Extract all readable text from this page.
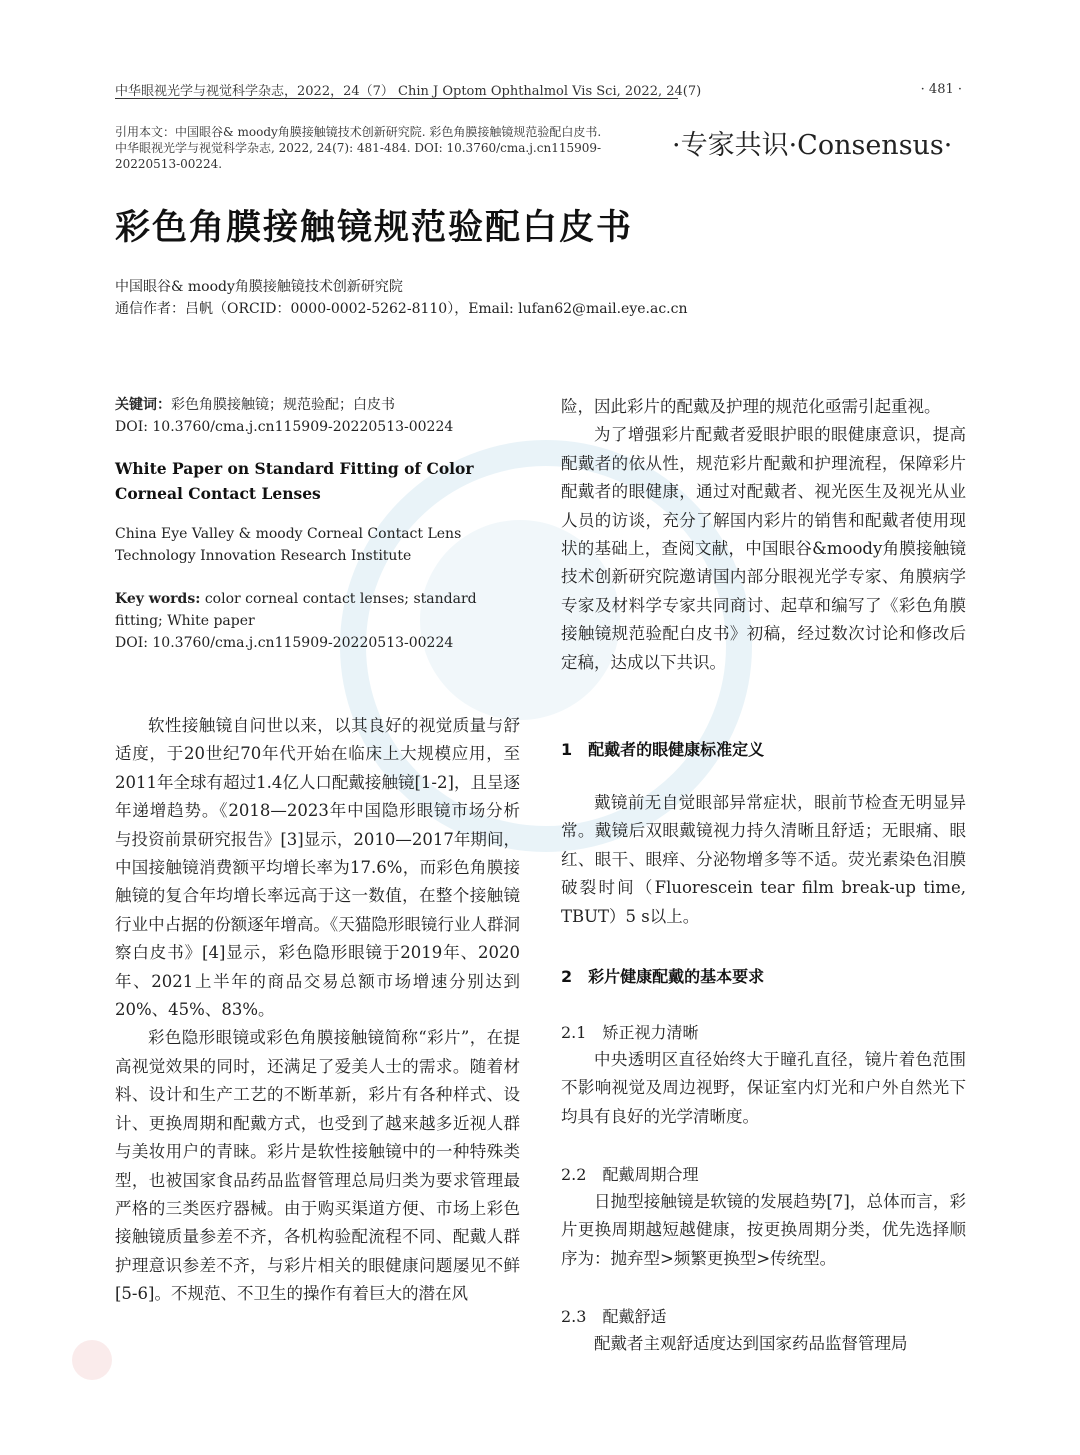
中华眼视光学与视觉科学杂志，2022，24（7） Chin J Optom Ophthalmol Vis Sci, 2022, 24(7)	· 481 ·
引用本文：中国眼谷& moody角膜接触镜技术创新研究院. 彩色角膜接触镜规范验配白皮书. 中华眼视光学与视觉科学杂志, 2022, 24(7): 481-484. DOI: 10.3760/cma.j.cn115909-20220513-00224.
·专家共识·Consensus·
彩色角膜接触镜规范验配白皮书
中国眼谷& moody角膜接触镜技术创新研究院
通信作者：吕帆（ORCID：0000-0002-5262-8110），Email: lufan62@mail.eye.ac.cn
关键词：彩色角膜接触镜；规范验配；白皮书
DOI: 10.3760/cma.j.cn115909-20220513-00224
White Paper on Standard Fitting of Color Corneal Contact Lenses
China Eye Valley & moody Corneal Contact Lens Technology Innovation Research Institute
Key words: color corneal contact lenses; standard fitting; White paper
DOI: 10.3760/cma.j.cn115909-20220513-00224

软性接触镜自问世以来，以其良好的视觉质量与舒适度，于20世纪70年代开始在临床上大规模应用，至2011年全球有超过1.4亿人口配戴接触镜[1-2]，且呈逐年递增趋势。《2018—2023年中国隐形眼镜市场分析与投资前景研究报告》[3]显示，2010—2017年期间，中国接触镜消费额平均增长率为17.6%，而彩色角膜接触镜的复合年均增长率远高于这一数值，在整个接触镜行业中占据的份额逐年增高。《天猫隐形眼镜行业人群洞察白皮书》[4]显示，彩色隐形眼镜于2019年、2020年、2021上半年的商品交易总额市场增速分别达到20%、45%、83%。

彩色隐形眼镜或彩色角膜接触镜简称“彩片”，在提高视觉效果的同时，还满足了爱美人士的需求。随着材料、设计和生产工艺的不断革新，彩片有各种样式、设计、更换周期和配戴方式，也受到了越来越多近视人群与美妆用户的青睐。彩片是软性接触镜中的一种特殊类型，也被国家食品药品监督管理总局归类为要求管理最严格的三类医疗器械。由于购买渠道方便、市场上彩色接触镜质量参差不齐，各机构验配流程不同、配戴人群护理意识参差不齐，与彩片相关的眼健康问题屡见不鲜[5-6]。不规范、不卫生的操作有着巨大的潜在风

险，因此彩片的配戴及护理的规范化亟需引起重视。

为了增强彩片配戴者爱眼护眼的眼健康意识，提高配戴者的依从性，规范彩片配戴和护理流程，保障彩片配戴者的眼健康，通过对配戴者、视光医生及视光从业人员的访谈，充分了解国内彩片的销售和配戴者使用现状的基础上，查阅文献，中国眼谷&moody角膜接触镜技术创新研究院邀请国内部分眼视光学专家、角膜病学专家及材料学专家共同商讨、起草和编写了《彩色角膜接触镜规范验配白皮书》初稿，经过数次讨论和修改后定稿，达成以下共识。

1　配戴者的眼健康标准定义

戴镜前无自觉眼部异常症状，眼前节检查无明显异常。戴镜后双眼戴镜视力持久清晰且舒适；无眼痛、眼红、眼干、眼痒、分泌物增多等不适。荧光素染色泪膜破裂时间（Fluorescein tear film break-up time, TBUT）5 s以上。

2　彩片健康配戴的基本要求
2.1　矫正视力清晰

中央透明区直径始终大于瞳孔直径，镜片着色范围不影响视觉及周边视野，保证室内灯光和户外自然光下均具有良好的光学清晰度。

2.2　配戴周期合理

日抛型接触镜是软镜的发展趋势[7]，总体而言，彩片更换周期越短越健康，按更换周期分类，优先选择顺序为：抛弃型>频繁更换型>传统型。

2.3　配戴舒适

配戴者主观舒适度达到国家药品监督管理局
